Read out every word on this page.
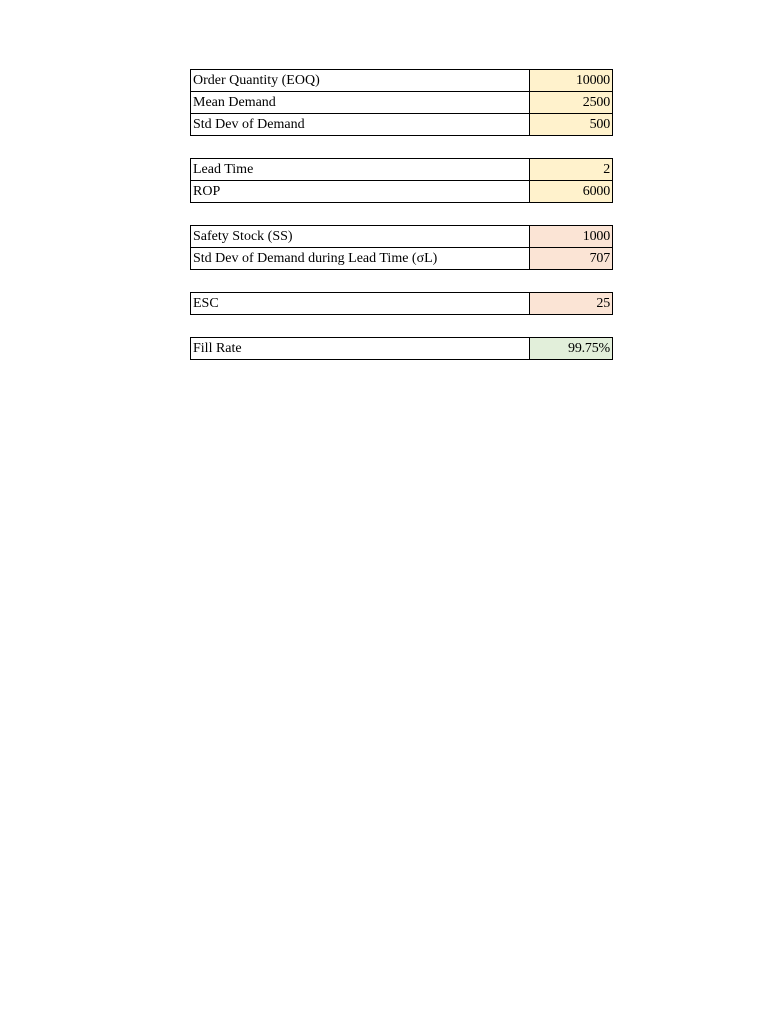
Order Quantity (EOQ)	10000
Mean Demand	2500
Std Dev of Demand	500
Lead Time	2
ROP	6000
Safety Stock (SS)	1000
Std Dev of Demand during Lead Time (σL)	707
ESC	25
Fill Rate	99.75%
